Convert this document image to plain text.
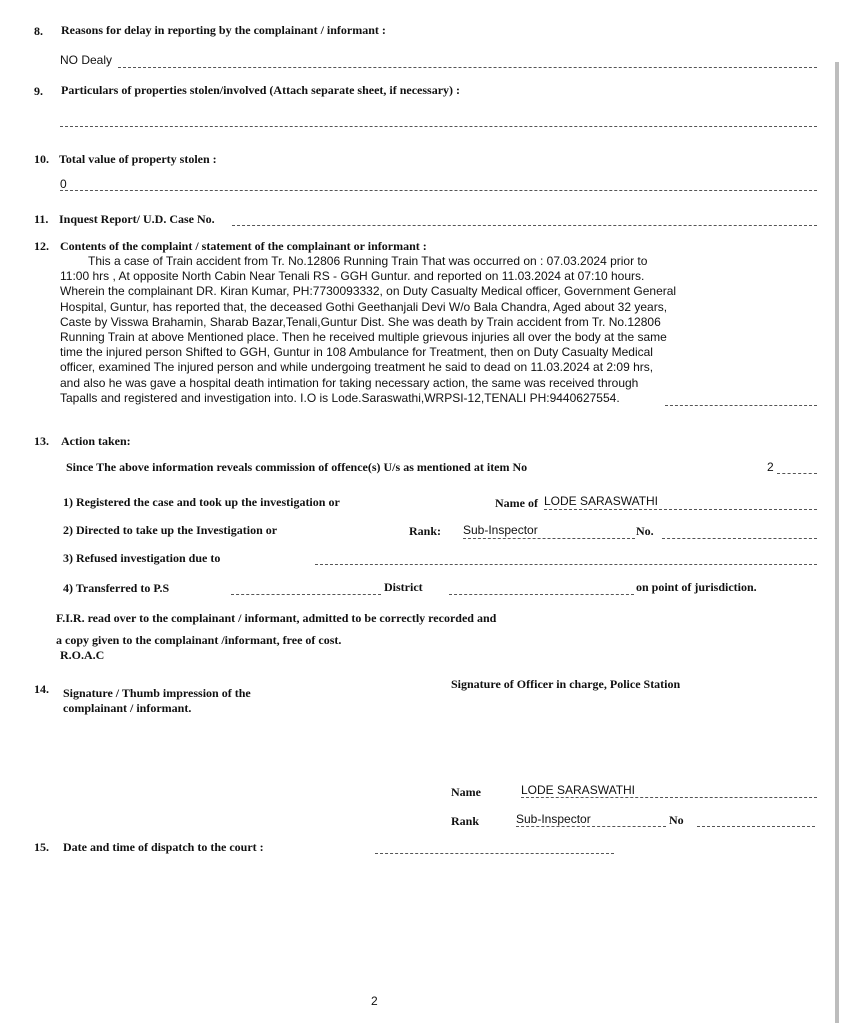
8. Reasons for delay in reporting by the complainant / informant :
NO Dealy
9. Particulars of properties stolen/involved (Attach separate sheet, if necessary) :
10. Total value of property stolen :
0
11. Inquest Report/ U.D. Case No.
12. Contents of the complaint / statement of the complainant or informant :
This a case of Train accident from Tr. No.12806 Running Train That was occurred on : 07.03.2024 prior to
11:00 hrs , At opposite North Cabin Near Tenali RS - GGH Guntur. and reported on 11.03.2024 at 07:10 hours.
Wherein the complainant DR. Kiran Kumar, PH:7730093332, on Duty Casualty Medical officer, Government General
Hospital, Guntur, has reported that, the deceased Gothi Geethanjali Devi W/o Bala Chandra, Aged about 32 years,
Caste by Visswa Brahamin, Sharab Bazar,Tenali,Guntur Dist. She was death by Train accident from Tr. No.12806
Running Train at above Mentioned place. Then he received multiple grievous injuries all over the body at the same
time the injured person Shifted to GGH, Guntur in 108 Ambulance for Treatment, then on Duty Casualty Medical
officer, examined The injured person and while undergoing treatment he said to dead on 11.03.2024 at 2:09 hrs,
and also he was gave a hospital death intimation for taking necessary action, the same was received through
Tapalls and registered and investigation into. I.O is Lode.Saraswathi,WRPSI-12,TENALI PH:9440627554.
13. Action taken:
Since The above information reveals commission of offence(s) U/s as mentioned at item No	2
1) Registered the case and took up the investigation or	Name of LODE SARASWATHI
2) Directed to take up the Investigation or	Rank: Sub-Inspector	No.
3) Refused investigation due to
4) Transferred to P.S	District	on point of jurisdiction.
F.I.R. read over to the complainant / informant, admitted to be correctly recorded and
a copy given to the complainant /informant, free of cost.
R.O.A.C
14. Signature / Thumb impression of the
complainant / informant.
Signature of Officer in charge, Police Station
Name	LODE SARASWATHI
Rank	Sub-Inspector	No
15. Date and time of dispatch to the court :
2
